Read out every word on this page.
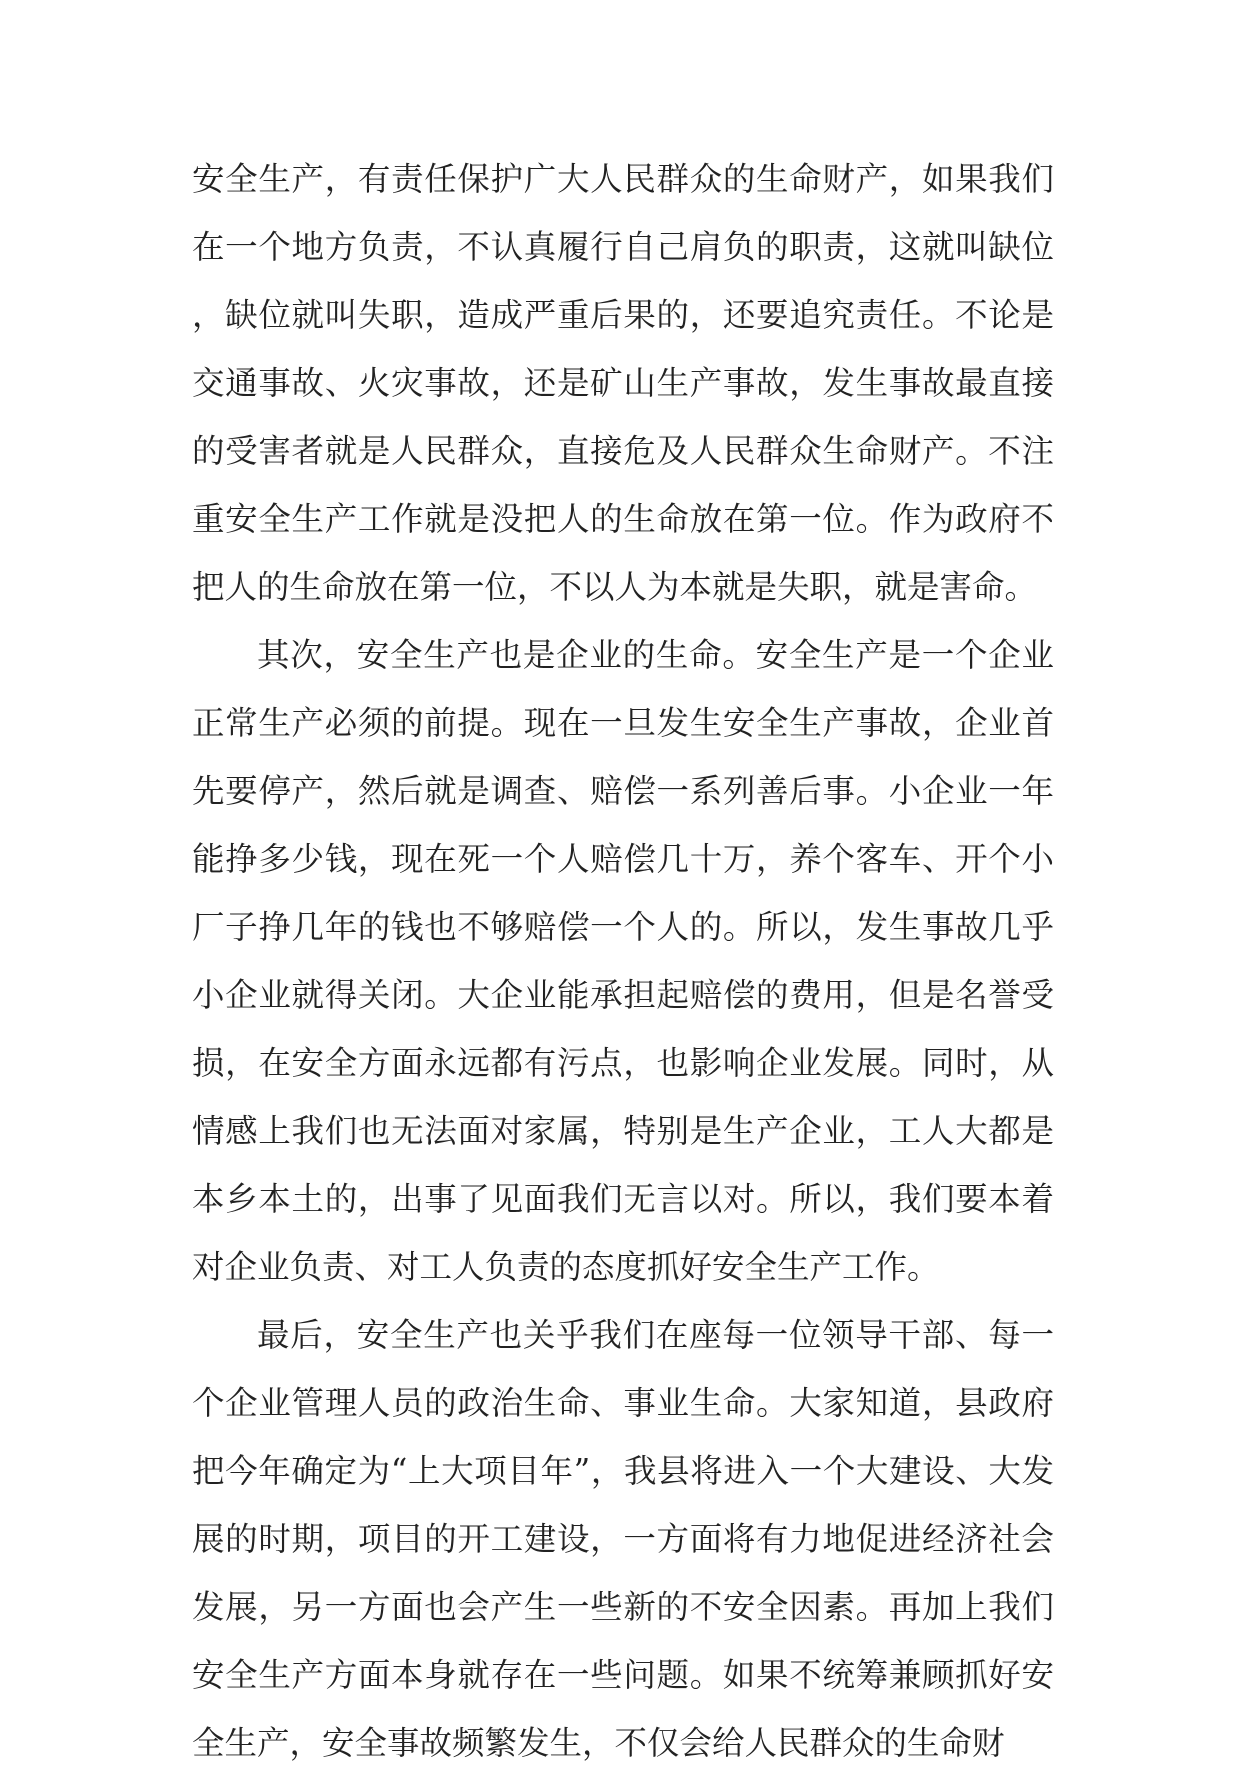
安全生产，有责任保护广大人民群众的生命财产，如果我们在一个地方负责，不认真履行自己肩负的职责，这就叫缺位，缺位就叫失职，造成严重后果的，还要追究责任。不论是交通事故、火灾事故，还是矿山生产事故，发生事故最直接的受害者就是人民群众，直接危及人民群众生命财产。不注重安全生产工作就是没把人的生命放在第一位。作为政府不把人的生命放在第一位，不以人为本就是失职，就是害命。

其次，安全生产也是企业的生命。安全生产是一个企业正常生产必须的前提。现在一旦发生安全生产事故，企业首先要停产，然后就是调查、赔偿一系列善后事。小企业一年能挣多少钱，现在死一个人赔偿几十万，养个客车、开个小厂子挣几年的钱也不够赔偿一个人的。所以，发生事故几乎小企业就得关闭。大企业能承担起赔偿的费用，但是名誉受损，在安全方面永远都有污点，也影响企业发展。同时，从情感上我们也无法面对家属，特别是生产企业，工人大都是本乡本土的，出事了见面我们无言以对。所以，我们要本着对企业负责、对工人负责的态度抓好安全生产工作。

最后，安全生产也关乎我们在座每一位领导干部、每一个企业管理人员的政治生命、事业生命。大家知道，县政府把今年确定为“上大项目年”，我县将进入一个大建设、大发展的时期，项目的开工建设，一方面将有力地促进经济社会发展，另一方面也会产生一些新的不安全因素。再加上我们安全生产方面本身就存在一些问题。如果不统筹兼顾抓好安全生产，安全事故频繁发生，不仅会给人民群众的生命财
